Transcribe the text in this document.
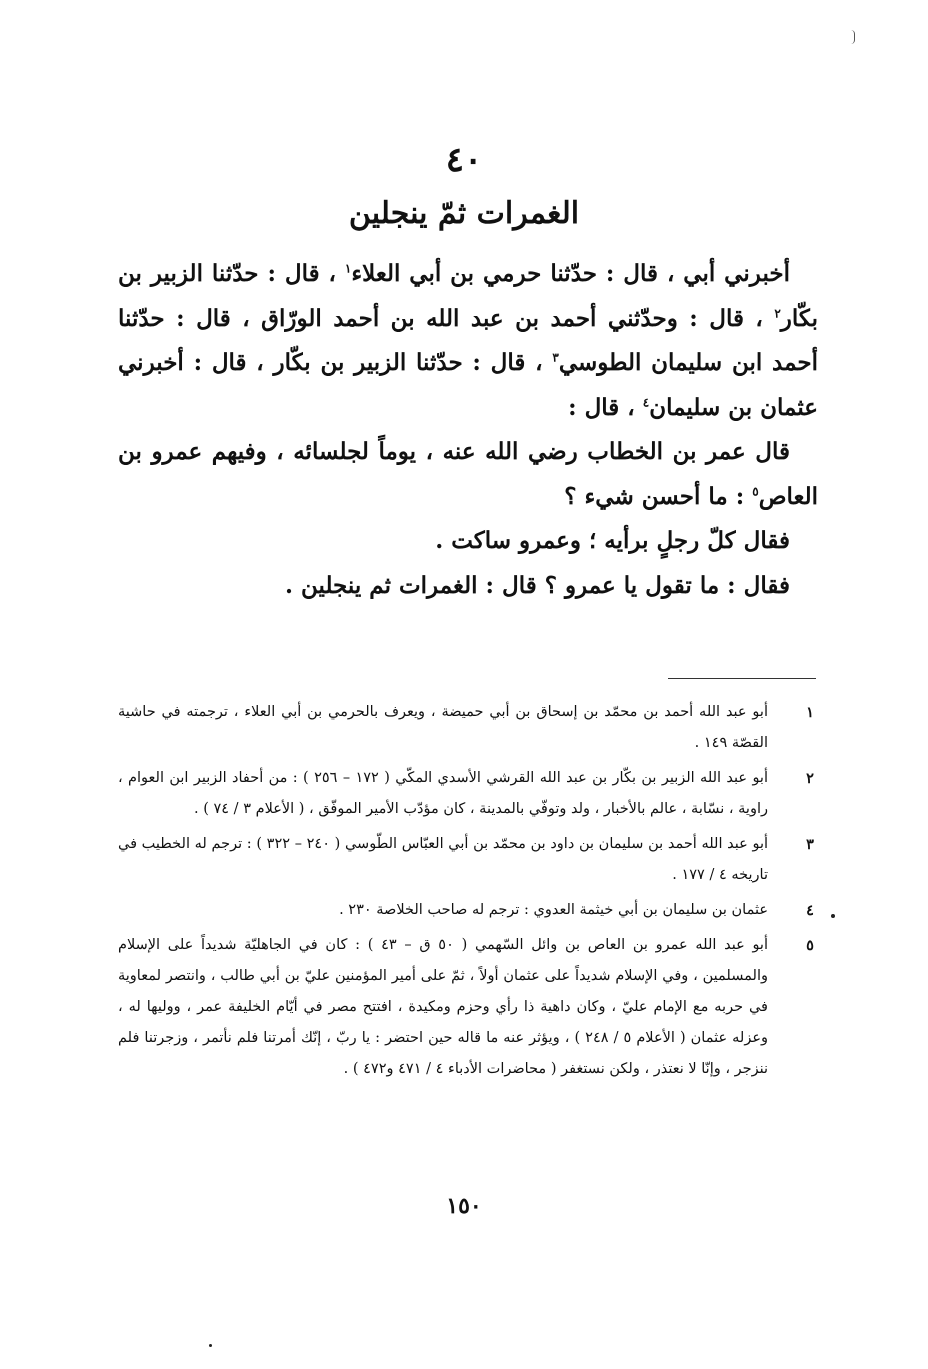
٤٠
الغمرات ثمّ ينجلين

أخبرني أبي ، قال : حدّثنا حرمي بن أبي العلاء$^١$ ، قال : حدّثنا الزبير بن بكّار$^٢$ ، قال : وحدّثني أحمد بن عبد الله بن أحمد الورّاق ، قال : حدّثنا أحمد ابن سليمان الطوسي$^٣$ ، قال : حدّثنا الزبير بن بكّار ، قال : أخبرني عثمان بن سليمان$^٤$ ، قال :

قال عمر بن الخطاب رضي الله عنه ، يوماً لجلسائه ، وفيهم عمرو بن العاص$^٥$ : ما أحسن شيء ؟

فقال كلّ رجلٍ برأيه ؛ وعمرو ساكت .

فقال : ما تقول يا عمرو ؟ قال : الغمرات ثم ينجلين .

١
أبو عبد الله أحمد بن محمّد بن إسحاق بن أبي حميضة ، ويعرف بالحرمي بن أبي العلاء ، ترجمته في حاشية القصّة ١٤٩ .
٢
أبو عبد الله الزبير بن بكّار بن عبد الله القرشي الأسدي المكّي ( ١٧٢ – ٢٥٦ ) : من أحفاد الزبير ابن العوام ، راوية ، نسّابة ، عالم بالأخبار ، ولد وتوفّي بالمدينة ، كان مؤدّب الأمير الموفّق ، ( الأعلام ٣ / ٧٤ ) .
٣
أبو عبد الله أحمد بن سليمان بن داود بن محمّد بن أبي العبّاس الطّوسي ( ٢٤٠ – ٣٢٢ ) : ترجم له الخطيب في تاريخه ٤ / ١٧٧ .
٤
عثمان بن سليمان بن أبي خيثمة العدوي : ترجم له صاحب الخلاصة ٢٣٠ .
٥
أبو عبد الله عمرو بن العاص بن وائل السّهمي ( ٥٠ ق – ٤٣ ) : كان في الجاهليّة شديداً على الإسلام والمسلمين ، وفي الإسلام شديداً على عثمان أولاً ، ثمّ على أمير المؤمنين عليّ بن أبي طالب ، وانتصر لمعاوية في حربه مع الإمام عليّ ، وكان داهية ذا رأي وحزم ومكيدة ، افتتح مصر في أيّام الخليفة عمر ، ووليها له ، وعزله عثمان ( الأعلام ٥ / ٢٤٨ ) ، ويؤثر عنه ما قاله حين احتضر : يا ربّ ، إنّك أمرتنا فلم نأتمر ، وزجرتنا فلم ننزجر ، وإنّا لا نعتذر ، ولكن نستغفر ( محاضرات الأدباء ٤ / ٤٧١ و٤٧٢ ) .
١٥٠
